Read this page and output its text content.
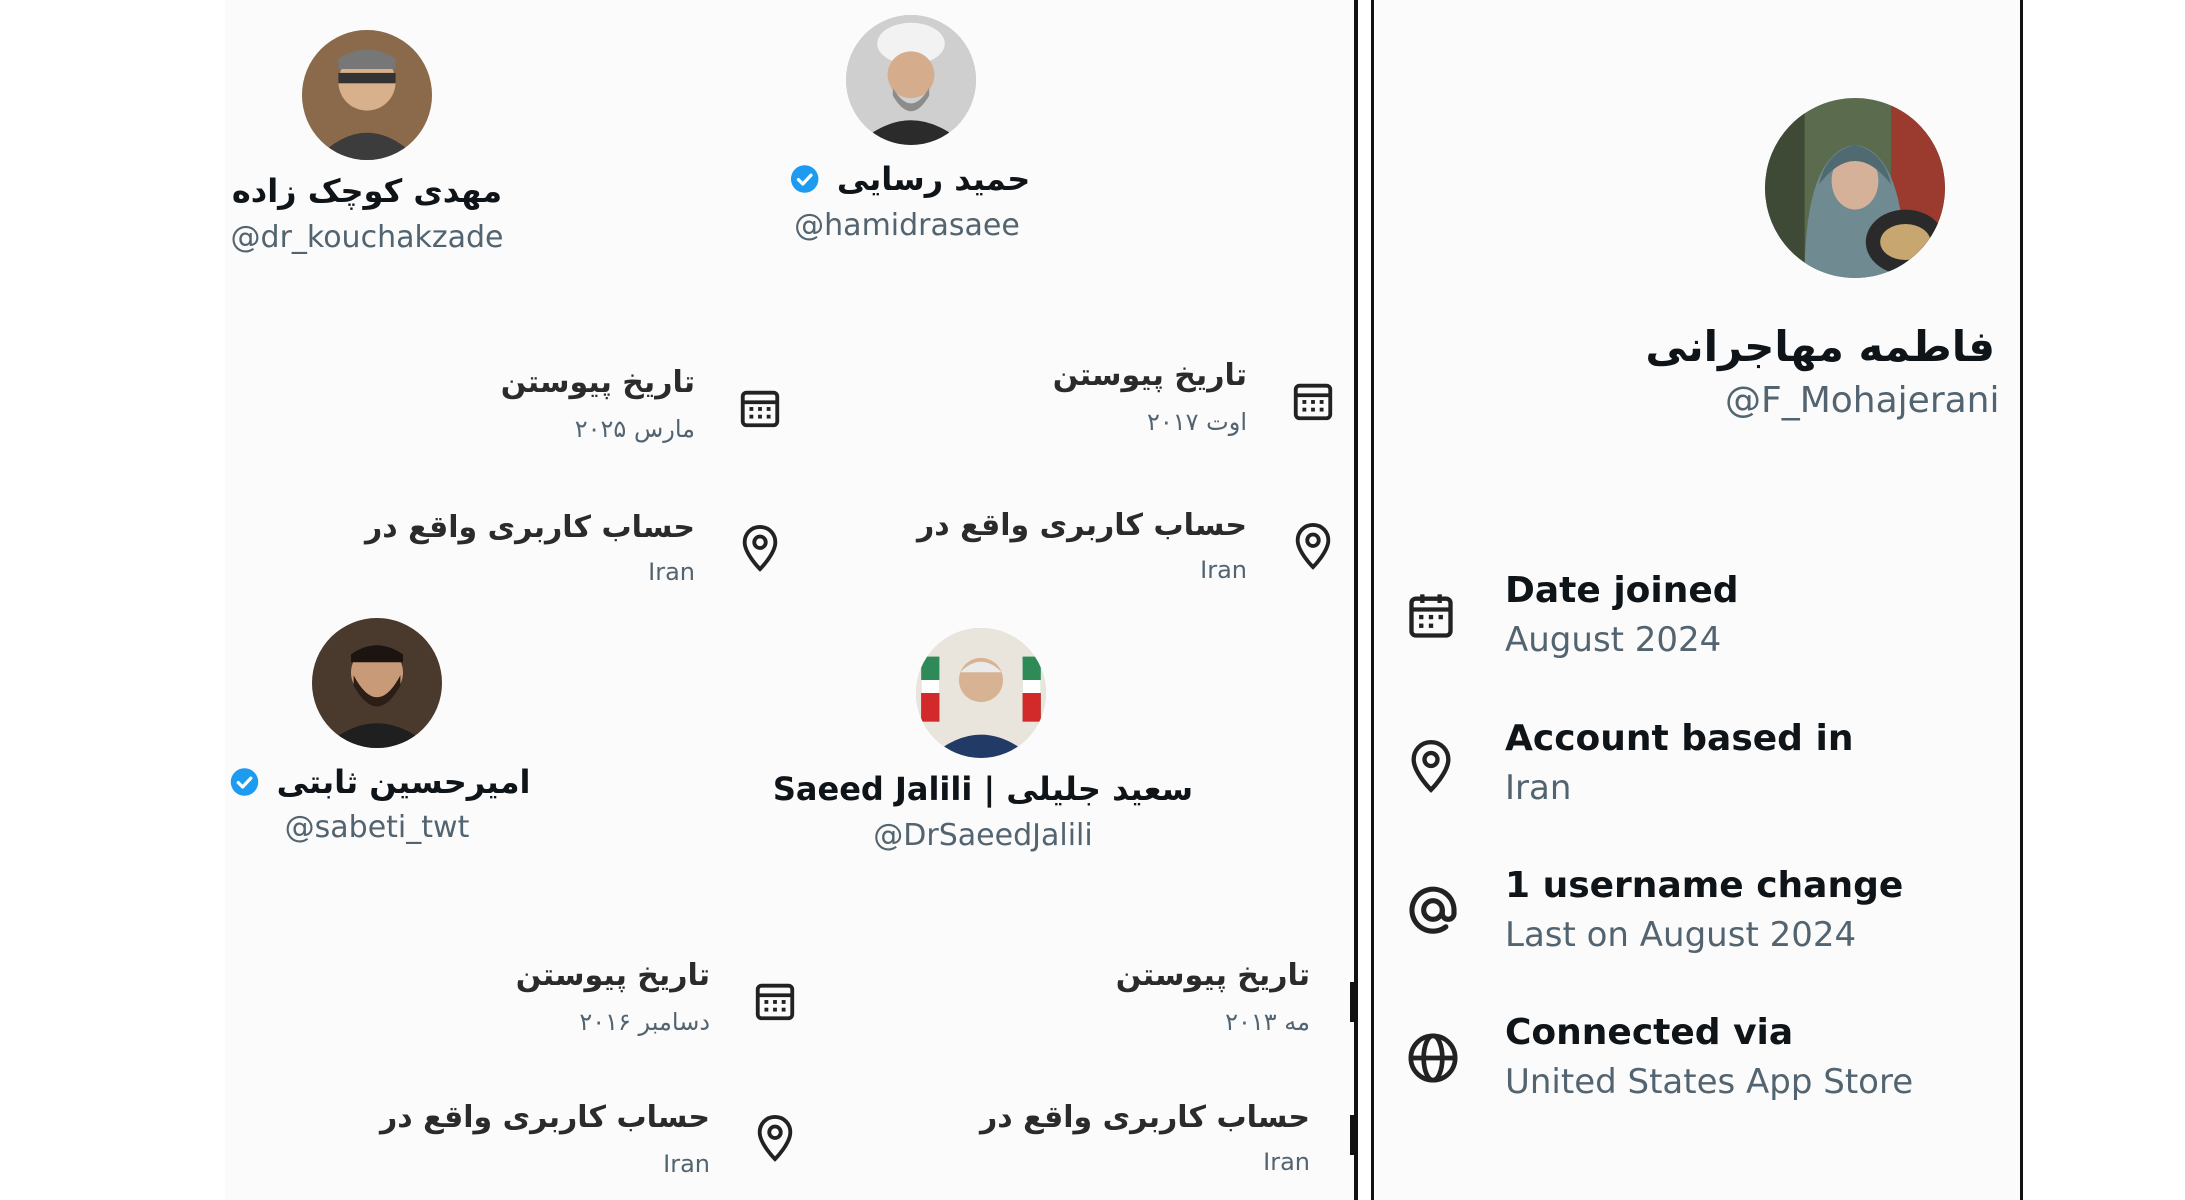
مهدی کوچک زاده
@dr_kouchakzade
تاریخ پیوستن
مارس ۲۰۲۵
حساب کاربری واقع در
Iran
حمید رسایی
@hamidrasaee
تاریخ پیوستن
اوت ۲۰۱۷
حساب کاربری واقع در
Iran
امیرحسین ثابتی
@sabeti_twt
تاریخ پیوستن
دسامبر ۲۰۱۶
حساب کاربری واقع در
Iran
Saeed Jalili | سعید جلیلی
@DrSaeedJalili
تاریخ پیوستن
مه ۲۰۱۳
حساب کاربری واقع در
Iran
فاطمه مهاجرانی
@F_Mohajerani
Date joined
August 2024
Account based in
Iran
1 username change
Last on August 2024
Connected via
United States App Store
